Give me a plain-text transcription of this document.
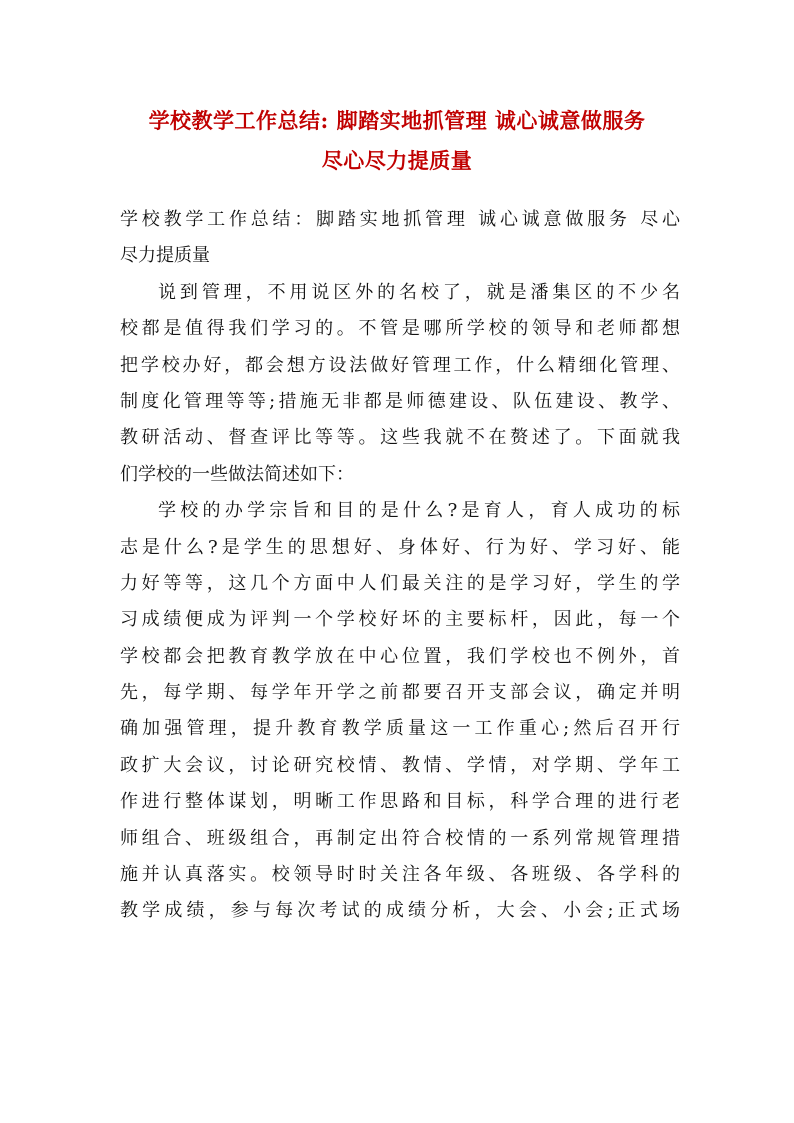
学校教学工作总结: 脚踏实地抓管理 诚心诚意做服务
尽心尽力提质量
学校教学工作总结：脚踏实地抓管理 诚心诚意做服务 尽心
尽力提质量
说到管理，不用说区外的名校了，就是潘集区的不少名
校都是值得我们学习的。不管是哪所学校的领导和老师都想
把学校办好，都会想方设法做好管理工作，什么精细化管理、
制度化管理等等;措施无非都是师德建设、队伍建设、教学、
教研活动、督查评比等等。这些我就不在赘述了。下面就我
们学校的一些做法简述如下：
学校的办学宗旨和目的是什么?是育人，育人成功的标
志是什么?是学生的思想好、身体好、行为好、学习好、能
力好等等，这几个方面中人们最关注的是学习好，学生的学
习成绩便成为评判一个学校好坏的主要标杆，因此，每一个
学校都会把教育教学放在中心位置，我们学校也不例外，首
先，每学期、每学年开学之前都要召开支部会议，确定并明
确加强管理，提升教育教学质量这一工作重心;然后召开行
政扩大会议，讨论研究校情、教情、学情，对学期、学年工
作进行整体谋划，明晰工作思路和目标，科学合理的进行老
师组合、班级组合，再制定出符合校情的一系列常规管理措
施并认真落实。校领导时时关注各年级、各班级、各学科的
教学成绩，参与每次考试的成绩分析，大会、小会;正式场
